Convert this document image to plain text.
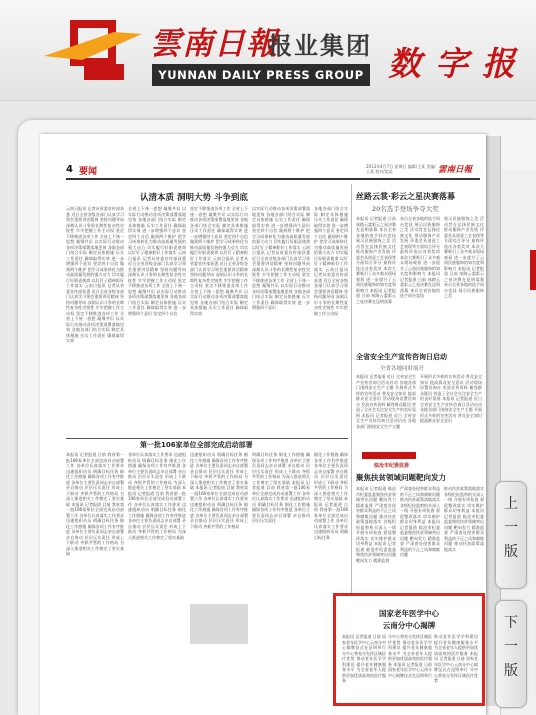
雲南日報
报业集团
YUNNAN DAILY PRESS GROUP 数字报
4 要闻
2013年4月7日 星期日 编辑/王某 美编/王某 校对/某某	雲南日報
认清本质 洞明大势 斗争到底
云南日报讯 记者从省委宣传部获悉 近日全省各级各部门认真学习领会重要讲话精神 坚持问题导向 深刻认识斗争的长期性复杂性尖锐性 牢牢把握工作主动权 坚定不移推进各项工作 全省上下统一思想 凝聚共识 以实际行动推动各项决策部署落地见效 各地各部门结合实际 制定具体措施 压实工作责任 确保取得实效 进一步增强四个意识 坚定四个自信 做到两个维护 把学习成果转化为推动高质量发展的强大动力 切实履行好职责使命 以钉钉子精神抓好工作落实 云南日报讯 记者从省委宣传部获悉 近日全省各级各部门认真学习领会重要讲话精神 坚持问题导向 深刻认识斗争的长期性复杂性尖锐性 牢牢把握工作主动权 坚定不移推进各项工作 全省上下统一思想 凝聚共识 以实际行动推动各项决策部署落地见效 各地各部门结合实际 制定具体措施 压实工作责任 确保取得实效
全省上下统一思想 凝聚共识 以实际行动推动各项决策部署落地见效 各地各部门结合实际 制定具体措施 压实工作责任 确保取得实效 进一步增强四个意识 坚定四个自信 做到两个维护 把学习成果转化为推动高质量发展的强大动力 切实履行好职责使命 以钉钉子精神抓好工作落实 云南日报讯 记者从省委宣传部获悉 近日全省各级各部门认真学习领会重要讲话精神 坚持问题导向 深刻认识斗争的长期性复杂性尖锐性 牢牢把握工作主动权 坚定不移推进各项工作 全省上下统一思想 凝聚共识 以实际行动推动各项决策部署落地见效 各地各部门结合实际 制定具体措施 压实工作责任 确保取得实效 进一步增强四个意识 坚定四个自信
坚定不移推进各项工作 全省上下统一思想 凝聚共识 以实际行动推动各项决策部署落地见效 各地各部门结合实际 制定具体措施 压实工作责任 确保取得实效 进一步增强四个意识 坚定四个自信 做到两个维护 把学习成果转化为推动高质量发展的强大动力 切实履行好职责使命 以钉钉子精神抓好工作落实 云南日报讯 记者从省委宣传部获悉 近日全省各级各部门认真学习领会重要讲话精神 坚持问题导向 深刻认识斗争的长期性复杂性尖锐性 牢牢把握工作主动权 坚定不移推进各项工作 全省上下统一思想 凝聚共识 以实际行动推动各项决策部署落地见效 各地各部门结合实际 制定具体措施 压实工作责任 确保取得实效
以实际行动推动各项决策部署落地见效 各地各部门结合实际 制定具体措施 压实工作责任 确保取得实效 进一步增强四个意识 坚定四个自信 做到两个维护 把学习成果转化为推动高质量发展的强大动力 切实履行好职责使命 以钉钉子精神抓好工作落实 云南日报讯 记者从省委宣传部获悉 近日全省各级各部门认真学习领会重要讲话精神 坚持问题导向 深刻认识斗争的长期性复杂性尖锐性 牢牢把握工作主动权 坚定不移推进各项工作 全省上下统一思想 凝聚共识 以实际行动推动各项决策部署落地见效 各地各部门结合实际 制定具体措施 压实工作责任 确保取得实效 进一步增强四个意识
各地各部门结合实际 制定具体措施 压实工作责任 确保取得实效 进一步增强四个意识 坚定四个自信 做到两个维护 把学习成果转化为推动高质量发展的强大动力 切实履行好职责使命 以钉钉子精神抓好工作落实 云南日报讯 记者从省委宣传部获悉 近日全省各级各部门认真学习领会重要讲话精神 坚持问题导向 深刻认识斗争的长期性复杂性尖锐性 牢牢把握工作主动权
丝路云裳·彩云之星决赛落幕
20名选手登场争夺大奖
本报讯 记者报道 日前 丝路云裳彩云之星决赛在昆明落幕 来自全省各地的选手同台竞技 展示民族服饰之美 活动旨在弘扬民族文化 推动服饰产业发展 评委会从创意工艺表现等方面综合评分 最终评选出各类奖项 本次大赛吸引了众多观众现场观看 进一步提升了云南民族服饰的知名度和影响力 本报讯 记者报道 日前 丝路云裳彩云之星决赛在昆明落幕
来自全省各地的选手同台竞技 展示民族服饰之美 活动旨在弘扬民族文化 推动服饰产业发展 评委会从创意工艺表现等方面综合评分 最终评选出各类奖项 本次大赛吸引了众多观众现场观看 进一步提升了云南民族服饰的知名度和影响力 本报讯 记者报道 日前 丝路云裳彩云之星决赛在昆明落幕 来自全省各地的选手同台竞技
展示民族服饰之美 活动旨在弘扬民族文化 推动服饰产业发展 评委会从创意工艺表现等方面综合评分 最终评选出各类奖项 本次大赛吸引了众多观众现场观看 进一步提升了云南民族服饰的知名度和影响力 本报讯 记者报道 日前 丝路云裳彩云之星决赛在昆明落幕 来自全省各地的选手同台竞技 展示民族服饰之美
全省安全生产宣传咨询日启动
全省各地同时展开
本报讯 记者报道 近日 全省安全生产宣传咨询日活动启动 各地各部门围绕安全生产主题 开展形式多样的宣传活动 普及安全知识 提高群众安全意识 活动现场设置咨询台 发放宣传资料 解答群众疑问 营造了全社会关注安全生产的良好氛围 本报讯 记者报道 近日 全省安全生产宣传咨询日活动启动 各地各部门围绕安全生产主题
开展形式多样的宣传活动 普及安全知识 提高群众安全意识 活动现场设置咨询台 发放宣传资料 解答群众疑问 营造了全社会关注安全生产的良好氛围 本报讯 记者报道 近日 全省安全生产宣传咨询日活动启动 各地各部门围绕安全生产主题 开展形式多样的宣传活动 普及安全知识 提高群众安全意识
第一批106家单位全部完成启动部署
本报讯 记者报道 目前 我省第一批106家单位全部完成启动部署工作 各单位认真落实工作要求 迅速组织动员 明确目标任务 细化工作措施 确保各项工作有序推进 各单位主要负责同志亲自部署 亲自推动 层层压实责任 形成上下联动 齐抓共管的工作格局 为深入推进相关工作奠定了坚实基础 本报讯 记者报道 目前 我省第一批106家单位全部完成启动部署工作 各单位认真落实工作要求 迅速组织动员 明确目标任务 细化工作措施 确保各项工作有序推进 各单位主要负责同志亲自部署 亲自推动 层层压实责任 形成上下联动 齐抓共管的工作格局 为深入推进相关工作奠定了坚实基础
各单位认真落实工作要求 迅速组织动员 明确目标任务 细化工作措施 确保各项工作有序推进 各单位主要负责同志亲自部署 亲自推动 层层压实责任 形成上下联动 齐抓共管的工作格局 为深入推进相关工作奠定了坚实基础 本报讯 记者报道 目前 我省第一批106家单位全部完成启动部署工作 各单位认真落实工作要求 迅速组织动员 明确目标任务 细化工作措施 确保各项工作有序推进 各单位主要负责同志亲自部署 亲自推动 层层压实责任 形成上下联动 齐抓共管的工作格局 为深入推进相关工作奠定了坚实基础
迅速组织动员 明确目标任务 细化工作措施 确保各项工作有序推进 各单位主要负责同志亲自部署 亲自推动 层层压实责任 形成上下联动 齐抓共管的工作格局 为深入推进相关工作奠定了坚实基础 本报讯 记者报道 目前 我省第一批106家单位全部完成启动部署工作 各单位认真落实工作要求 迅速组织动员 明确目标任务 细化工作措施 确保各项工作有序推进 各单位主要负责同志亲自部署 亲自推动 层层压实责任 形成上下联动 齐抓共管的工作格局
明确目标任务 细化工作措施 确保各项工作有序推进 各单位主要负责同志亲自部署 亲自推动 层层压实责任 形成上下联动 齐抓共管的工作格局 为深入推进相关工作奠定了坚实基础 本报讯 记者报道 目前 我省第一批106家单位全部完成启动部署工作 各单位认真落实工作要求 迅速组织动员 明确目标任务 细化工作措施 确保各项工作有序推进 各单位主要负责同志亲自部署 亲自推动 层层压实责任
细化工作措施 确保各项工作有序推进 各单位主要负责同志亲自部署 亲自推动 层层压实责任 形成上下联动 齐抓共管的工作格局 为深入推进相关工作奠定了坚实基础 本报讯 记者报道 目前 我省第一批106家单位全部完成启动部署工作 各单位认真落实工作要求 迅速组织动员 明确目标任务
临沧市纪委监委
聚焦扶贫领域问题靶向发力
本报讯 记者报道 临沧市纪委监委聚焦扶贫领域突出问题 靶向发力 精准监督 严肃查处侵害群众利益的不正之风和腐败问题 推动扶贫政策落地落实 各级纪检监察机关深入一线 开展专项检查 督促整改落实 切实维护群众切身利益 本报讯 记者报道 临沧市纪委监委聚焦扶贫领域突出问题 靶向发力 精准监督
严肃查处侵害群众利益的不正之风和腐败问题 推动扶贫政策落地落实 各级纪检监察机关深入一线 开展专项检查 督促整改落实 切实维护群众切身利益 本报讯 记者报道 临沧市纪委监委聚焦扶贫领域突出问题 靶向发力 精准监督 严肃查处侵害群众利益的不正之风和腐败问题
推动扶贫政策落地落实 各级纪检监察机关深入一线 开展专项检查 督促整改落实 切实维护群众切身利益 本报讯 记者报道 临沧市纪委监委聚焦扶贫领域突出问题 靶向发力 精准监督 严肃查处侵害群众利益的不正之风和腐败问题 推动扶贫政策落地落实
国家老年医学中心
云南分中心揭牌
本报讯 记者报道 日前 国家老年医学中心云南分中心揭牌仪式在昆明举行 分中心将充分发挥区域医疗优势 推动老年医学学科建设 提升老年健康服务水平 为全省老年人提供更加优质高效的医疗服务
分中心将充分发挥区域医疗优势 推动老年医学学科建设 提升老年健康服务水平 为全省老年人提供更加优质高效的医疗服务 本报讯 记者报道 日前 国家老年医学中心云南分中心揭牌仪式在昆明举行
推动老年医学学科建设 提升老年健康服务水平 为全省老年人提供更加优质高效的医疗服务 本报讯 记者报道 日前 国家老年医学中心云南分中心揭牌仪式在昆明举行 分中心将充分发挥区域医疗优势
上一版
下一版
